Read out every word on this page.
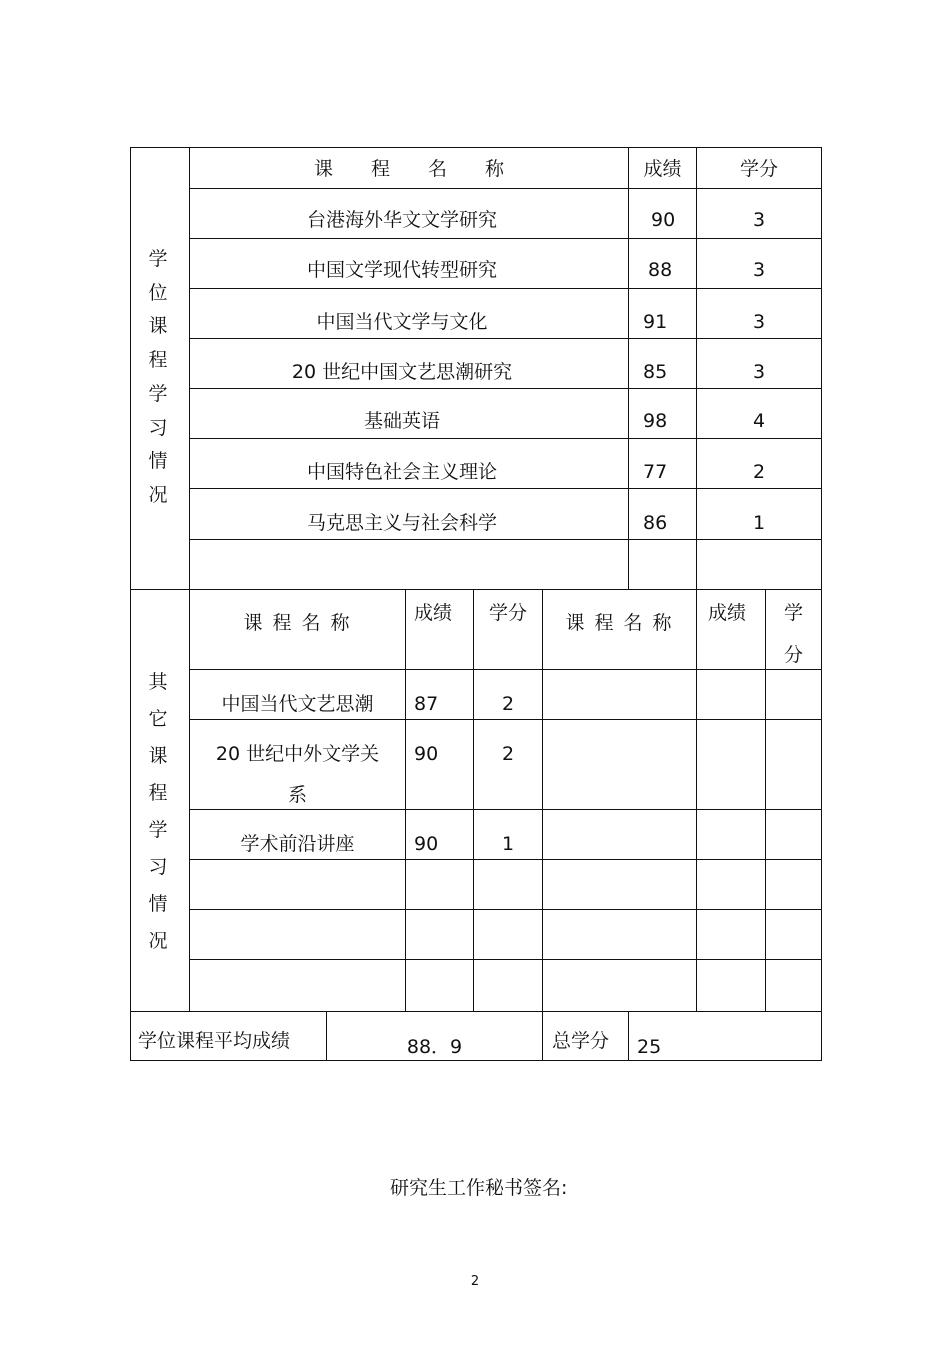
学
位
课
程
学
习
情
况
课　　程　　名　　称	成绩	学分
台港海外华文文学研究	90	3
中国文学现代转型研究	88	3
中国当代文学与文化	91	3
20 世纪中国文艺思潮研究	85	3
基础英语	98	4
中国特色社会主义理论	77	2
马克思主义与社会科学	86	1
其
它
课
程
学
习
情
况
课 程 名 称	成绩	学分	课 程 名 称	成绩	学
分
中国当代文艺思潮	87	2
20 世纪中外文学关
系
90	2
学术前沿讲座	90	1
学位课程平均成绩	88．9	总学分 25
研究生工作秘书签名:
2
